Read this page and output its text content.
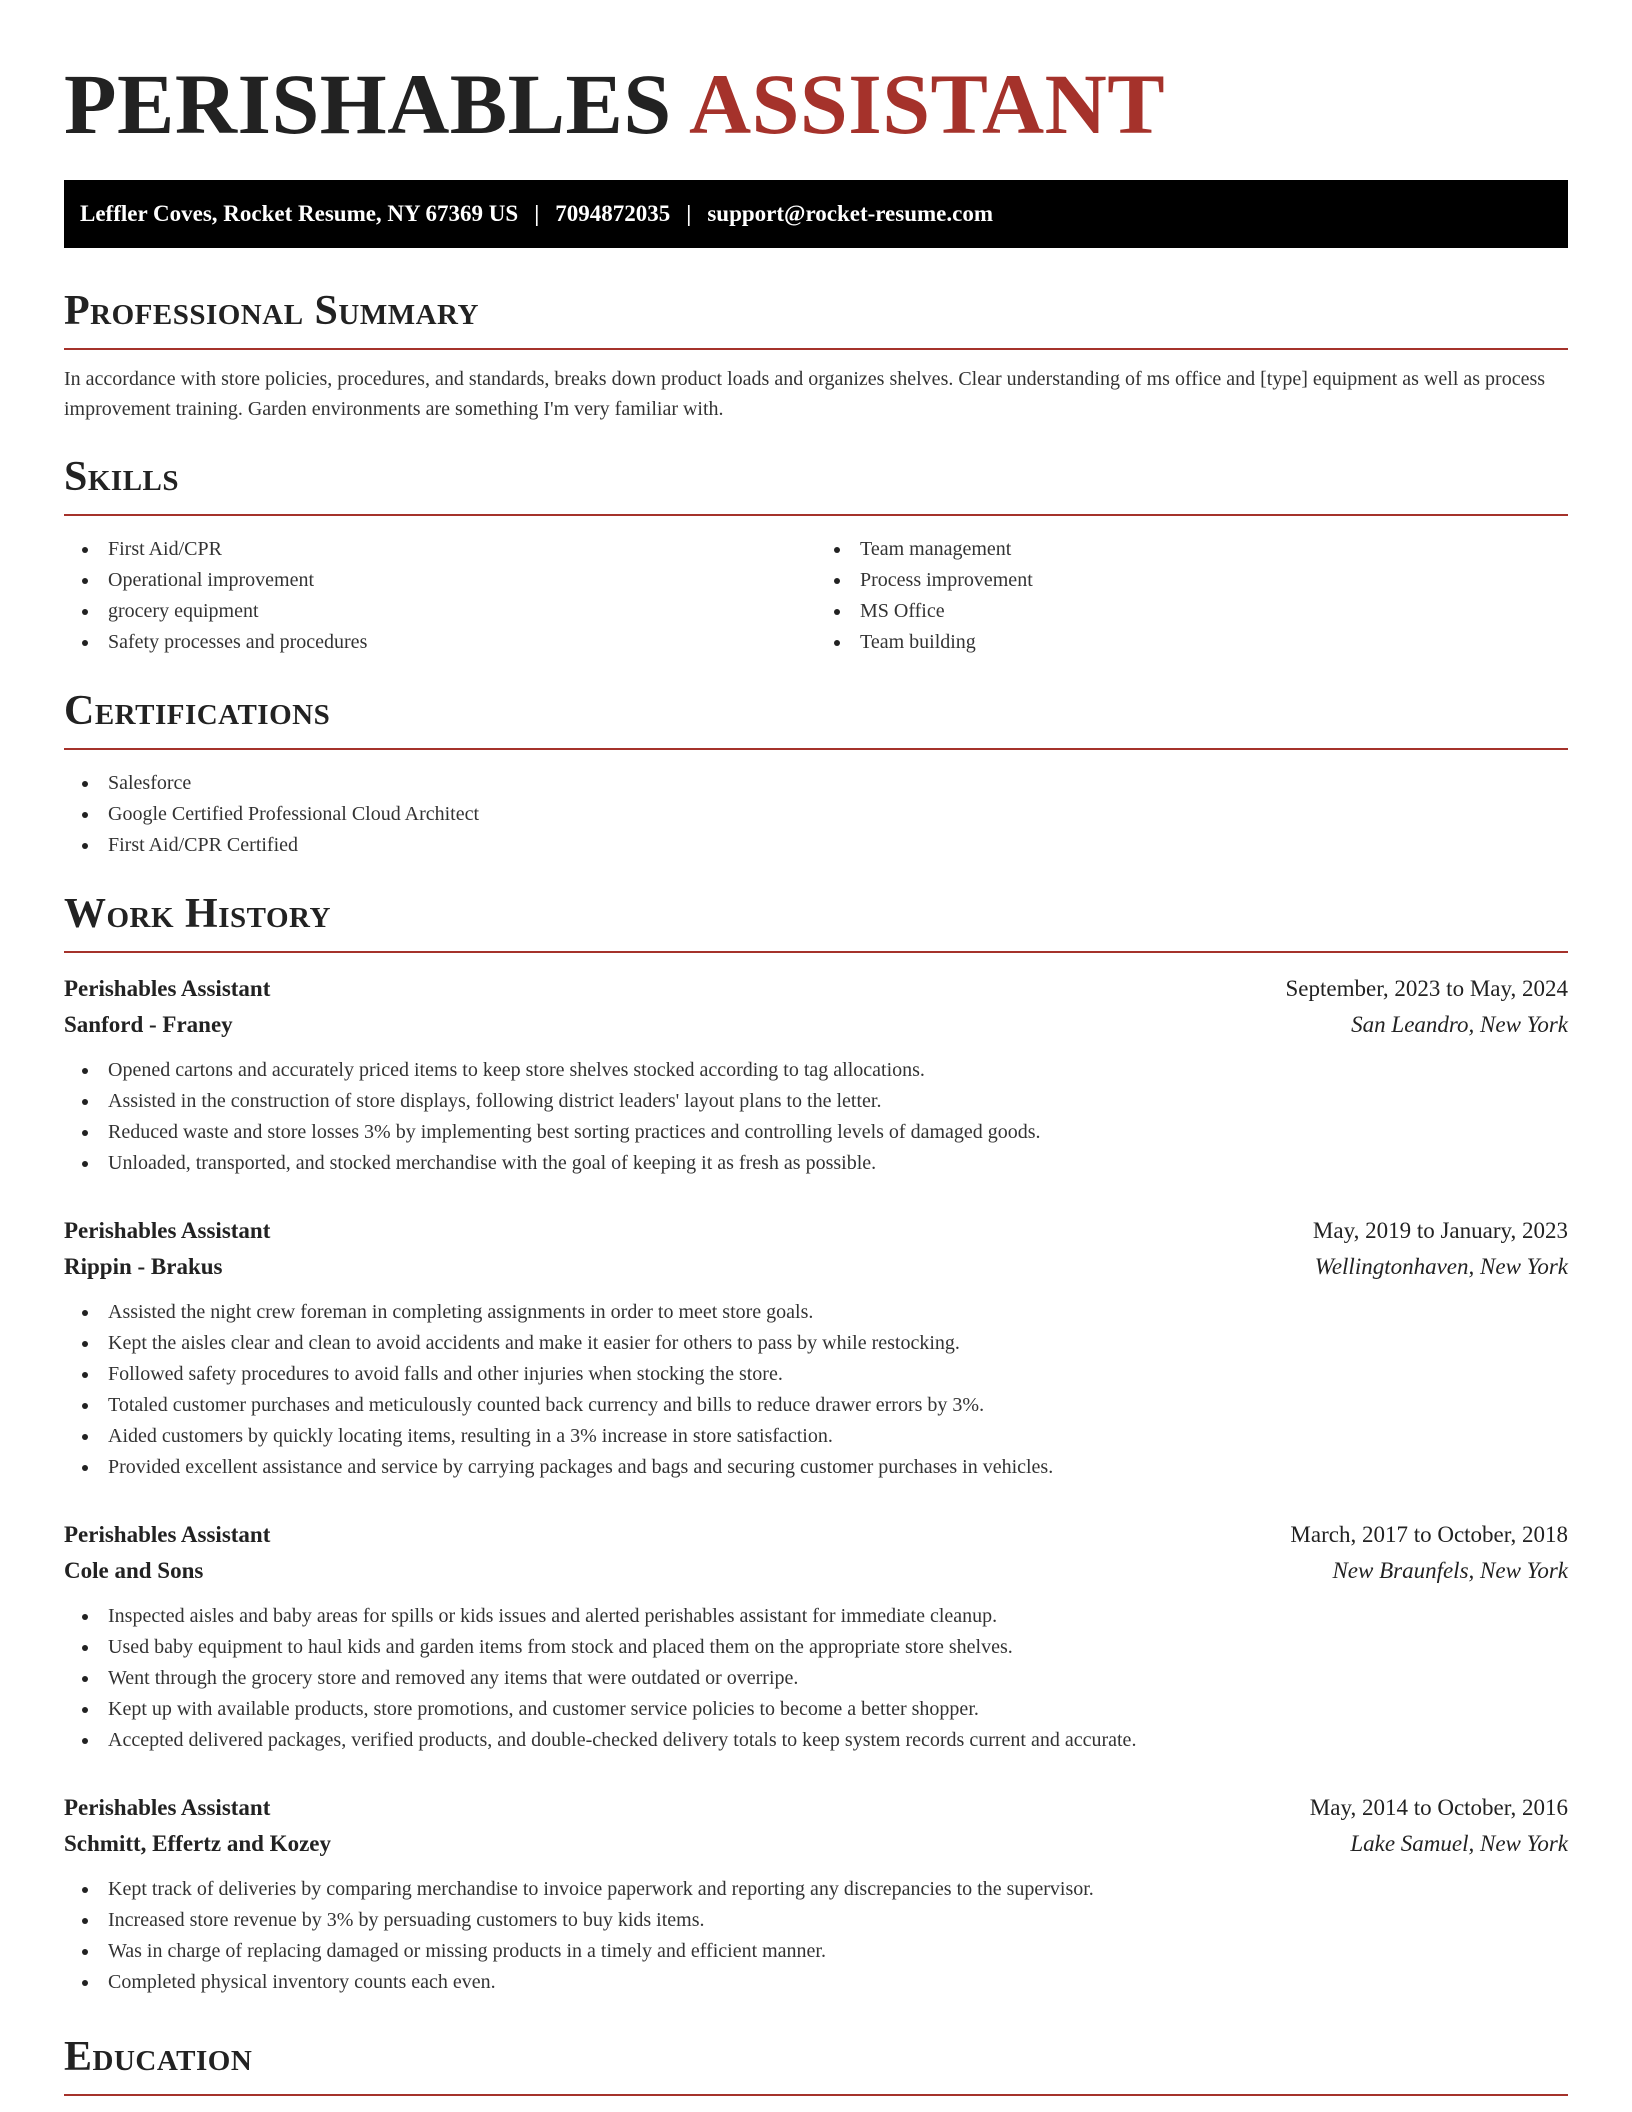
PERISHABLES ASSISTANT
Leffler Coves, Rocket Resume, NY 67369 US | 7094872035 | support@rocket-resume.com
Professional Summary

In accordance with store policies, procedures, and standards, breaks down product loads and organizes shelves. Clear understanding of ms office and [type] equipment as well as process improvement training. Garden environments are something I'm very familiar with.

Skills
First Aid/CPR
Operational improvement
grocery equipment
Safety processes and procedures
Team management
Process improvement
MS Office
Team building
Certifications
Salesforce
Google Certified Professional Cloud Architect
First Aid/CPR Certified
Work History
Perishables Assistant	September, 2023 to May, 2024
Sanford - Franey	San Leandro, New York
Opened cartons and accurately priced items to keep store shelves stocked according to tag allocations.
Assisted in the construction of store displays, following district leaders' layout plans to the letter.
Reduced waste and store losses 3% by implementing best sorting practices and controlling levels of damaged goods.
Unloaded, transported, and stocked merchandise with the goal of keeping it as fresh as possible.
Perishables Assistant	May, 2019 to January, 2023
Rippin - Brakus	Wellingtonhaven, New York
Assisted the night crew foreman in completing assignments in order to meet store goals.
Kept the aisles clear and clean to avoid accidents and make it easier for others to pass by while restocking.
Followed safety procedures to avoid falls and other injuries when stocking the store.
Totaled customer purchases and meticulously counted back currency and bills to reduce drawer errors by 3%.
Aided customers by quickly locating items, resulting in a 3% increase in store satisfaction.
Provided excellent assistance and service by carrying packages and bags and securing customer purchases in vehicles.
Perishables Assistant	March, 2017 to October, 2018
Cole and Sons	New Braunfels, New York
Inspected aisles and baby areas for spills or kids issues and alerted perishables assistant for immediate cleanup.
Used baby equipment to haul kids and garden items from stock and placed them on the appropriate store shelves.
Went through the grocery store and removed any items that were outdated or overripe.
Kept up with available products, store promotions, and customer service policies to become a better shopper.
Accepted delivered packages, verified products, and double-checked delivery totals to keep system records current and accurate.
Perishables Assistant	May, 2014 to October, 2016
Schmitt, Effertz and Kozey	Lake Samuel, New York
Kept track of deliveries by comparing merchandise to invoice paperwork and reporting any discrepancies to the supervisor.
Increased store revenue by 3% by persuading customers to buy kids items.
Was in charge of replacing damaged or missing products in a timely and efficient manner.
Completed physical inventory counts each even.
Education
